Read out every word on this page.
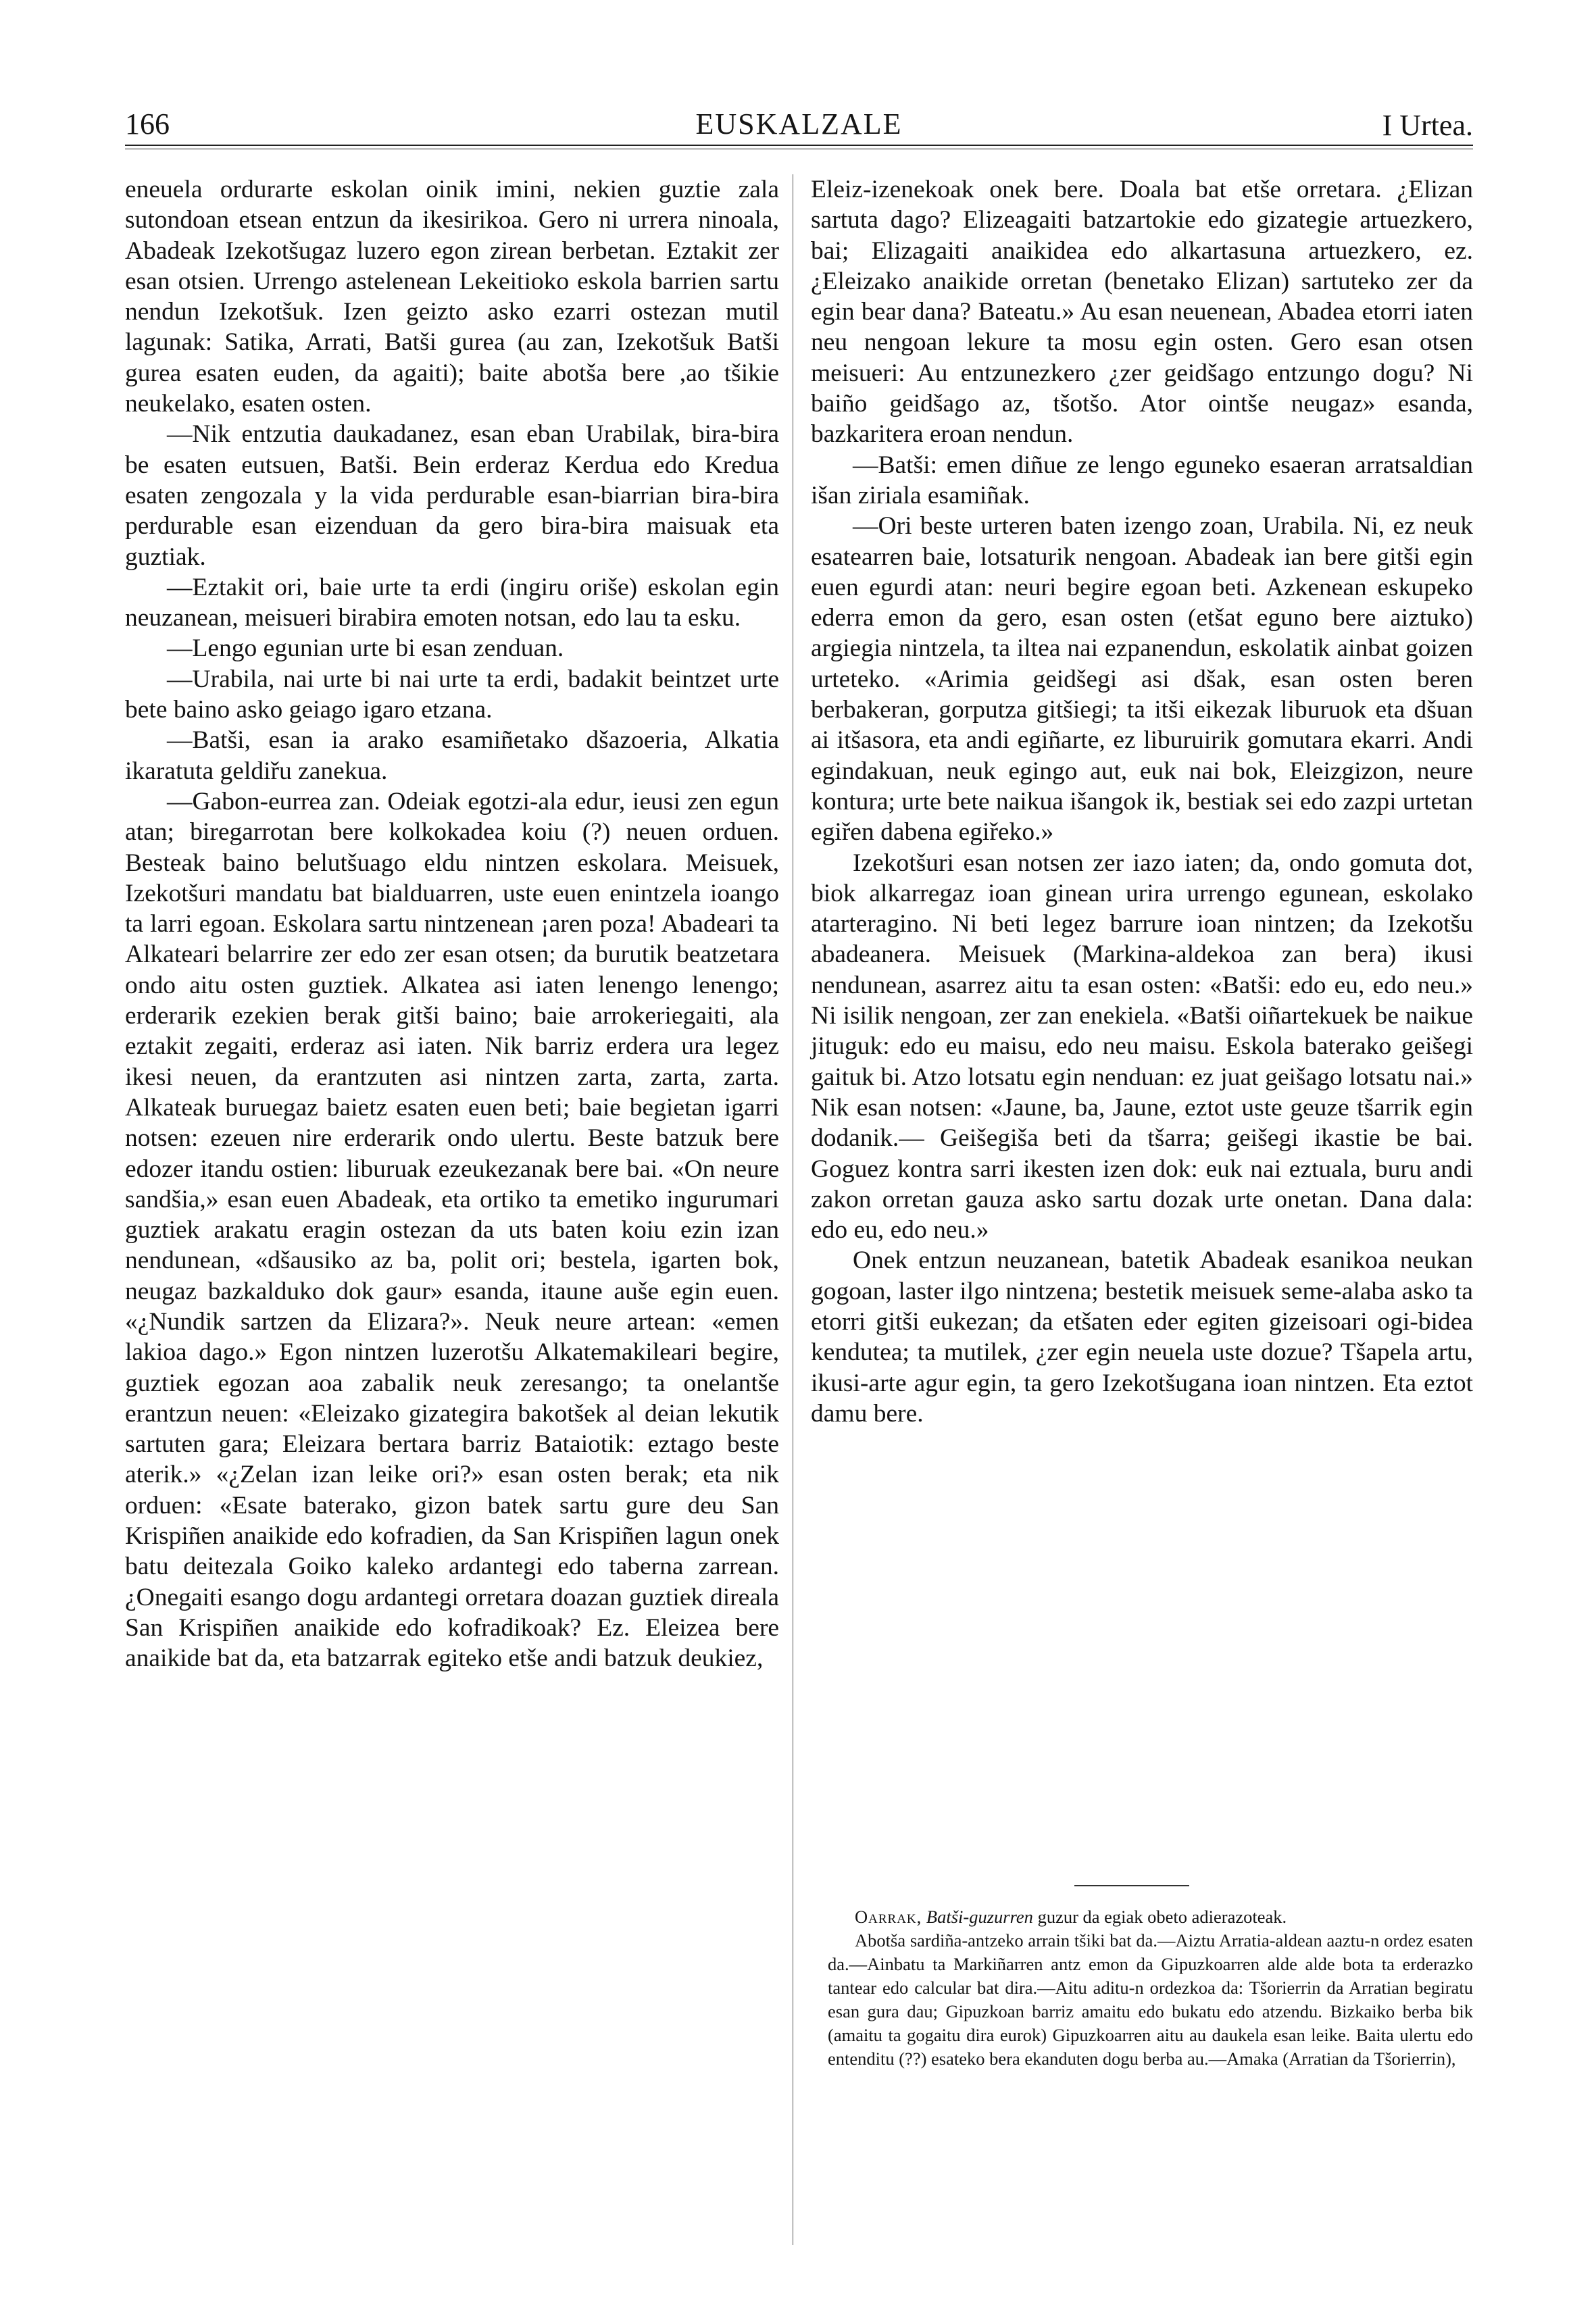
166	EUSKALZALE	I Urtea.

eneuela ordurarte eskolan oinik imini, nekien guztie zala sutondoan etsean entzun da ikesirikoa. Gero ni urrera ninoala, Abadeak Izekotšugaz luzero egon zirean berbetan. Eztakit zer esan otsien. Urrengo astelenean Lekeitioko eskola barrien sartu nendun Izekotšuk. Izen geizto asko ezarri ostezan mutil lagunak: Satika, Arrati, Batši gurea (au zan, Izekotšuk Batši gurea esaten euden, da agaiti); baite abotša bere ,ao tšikie neukelako, esaten osten.

—Nik entzutia daukadanez, esan eban Urabilak, bira-bira be esaten eutsuen, Batši. Bein erderaz Kerdua edo Kredua esaten zengozala y la vida perdurable esan-biarrian bira-bira perdurable esan eizenduan da gero bira-bira maisuak eta guztiak.

—Eztakit ori, baie urte ta erdi (ingiru oriše) eskolan egin neuzanean, meisueri birabira emoten notsan, edo lau ta esku.

—Lengo egunian urte bi esan zenduan.

—Urabila, nai urte bi nai urte ta erdi, badakit beintzet urte bete baino asko geiago igaro etzana.

—Batši, esan ia arako esamiñetako dšazoeria, Alkatia ikaratuta geldiřu zanekua.

—Gabon-eurrea zan. Odeiak egotzi-ala edur, ieusi zen egun atan; biregarrotan bere kolkokadea koiu (?) neuen orduen. Besteak baino belutšuago eldu nintzen eskolara. Meisuek, Izekotšuri mandatu bat bialduarren, uste euen enintzela ioango ta larri egoan. Eskolara sartu nintzenean ¡aren poza! Abadeari ta Alkateari belarrire zer edo zer esan otsen; da burutik beatzetara ondo aitu osten guztiek. Alkatea asi iaten lenengo lenengo; erderarik ezekien berak gitši baino; baie arrokeriegaiti, ala eztakit zegaiti, erderaz asi iaten. Nik barriz erdera ura legez ikesi neuen, da erantzuten asi nintzen zarta, zarta, zarta. Alkateak buruegaz baietz esaten euen beti; baie begietan igarri notsen: ezeuen nire erderarik ondo ulertu. Beste batzuk bere edozer itandu ostien: liburuak ezeukezanak bere bai. «On neure sandšia,» esan euen Abadeak, eta ortiko ta emetiko ingurumari guztiek arakatu eragin ostezan da uts baten koiu ezin izan nendunean, «dšausiko az ba, polit ori; bestela, igarten bok, neugaz bazkalduko dok gaur» esanda, itaune auše egin euen. «¿Nundik sartzen da Elizara?». Neuk neure artean: «emen lakioa dago.» Egon nintzen luzerotšu Alkatemakileari begire, guztiek egozan aoa zabalik neuk zeresango; ta onelantše erantzun neuen: «Eleizako gizategira bakotšek al deian lekutik sartuten gara; Eleizara bertara barriz Bataiotik: eztago beste aterik.» «¿Zelan izan leike ori?» esan osten berak; eta nik orduen: «Esate baterako, gizon batek sartu gure deu San Krispiñen anaikide edo kofradien, da San Krispiñen lagun onek batu deitezala Goiko kaleko ardantegi edo taberna zarrean. ¿Onegaiti esango dogu ardantegi orretara doazan guztiek direala San Krispiñen anaikide edo kofradikoak? Ez. Eleizea bere anaikide bat da, eta batzarrak egiteko etše andi batzuk deukiez,

Eleiz-izenekoak onek bere. Doala bat etše orretara. ¿Elizan sartuta dago? Elizeagaiti batzartokie edo gizategie artuezkero, bai; Elizagaiti anaikidea edo alkartasuna artuezkero, ez. ¿Eleizako anaikide orretan (benetako Elizan) sartuteko zer da egin bear dana? Bateatu.» Au esan neuenean, Abadea etorri iaten neu nengoan lekure ta mosu egin osten. Gero esan otsen meisueri: Au entzunezkero ¿zer geidšago entzungo dogu? Ni baiño geidšago az, tšotšo. Ator ointše neugaz» esanda, bazkaritera eroan nendun.

—Batši: emen diñue ze lengo eguneko esaeran arratsaldian išan ziriala esamiñak.

—Ori beste urteren baten izengo zoan, Urabila. Ni, ez neuk esatearren baie, lotsaturik nengoan. Abadeak ian bere gitši egin euen egurdi atan: neuri begire egoan beti. Azkenean eskupeko ederra emon da gero, esan osten (etšat eguno bere aiztuko) argiegia nintzela, ta iltea nai ezpanendun, eskolatik ainbat goizen urteteko. «Arimia geidšegi asi dšak, esan osten beren berbakeran, gorputza gitšiegi; ta itši eikezak liburuok eta dšuan ai itšasora, eta andi egiñarte, ez liburuirik gomutara ekarri. Andi egindakuan, neuk egingo aut, euk nai bok, Eleizgizon, neure kontura; urte bete naikua išangok ik, bestiak sei edo zazpi urtetan egiřen dabena egiřeko.»

Izekotšuri esan notsen zer iazo iaten; da, ondo gomuta dot, biok alkarregaz ioan ginean urira urrengo egunean, eskolako atarteragino. Ni beti legez barrure ioan nintzen; da Izekotšu abadeanera. Meisuek (Markina-aldekoa zan bera) ikusi nendunean, asarrez aitu ta esan osten: «Batši: edo eu, edo neu.» Ni isilik nengoan, zer zan enekiela. «Batši oiñartekuek be naikue jituguk: edo eu maisu, edo neu maisu. Eskola baterako geišegi gaituk bi. Atzo lotsatu egin nenduan: ez juat geišago lotsatu nai.» Nik esan notsen: «Jaune, ba, Jaune, eztot uste geuze tšarrik egin dodanik.— Geišegiša beti da tšarra; geišegi ikastie be bai. Goguez kontra sarri ikesten izen dok: euk nai eztuala, buru andi zakon orretan gauza asko sartu dozak urte onetan. Dana dala: edo eu, edo neu.»

Onek entzun neuzanean, batetik Abadeak esanikoa neukan gogoan, laster ilgo nintzena; bestetik meisuek seme-alaba asko ta etorri gitši eukezan; da etšaten eder egiten gizeisoari ogi-bidea kendutea; ta mutilek, ¿zer egin neuela uste dozue? Tšapela artu, ikusi-arte agur egin, ta gero Izekotšugana ioan nintzen. Eta eztot damu bere.

Oarrak, Batši-guzurren guzur da egiak obeto adierazoteak.

Abotša sardiña-antzeko arrain tšiki bat da.—Aiztu Arratia-aldean aaztu-n ordez esaten da.—Ainbatu ta Markiñarren antz emon da Gipuzkoarren alde alde bota ta erderazko tantear edo calcular bat dira.—Aitu aditu-n ordezkoa da: Tšorierrin da Arratian begiratu esan gura dau; Gipuzkoan barriz amaitu edo bukatu edo atzendu. Bizkaiko berba bik (amaitu ta gogaitu dira eurok) Gipuzkoarren aitu au daukela esan leike. Baita ulertu edo entenditu (??) esateko bera ekanduten dogu berba au.—Amaka (Arratian da Tšorierrin),
